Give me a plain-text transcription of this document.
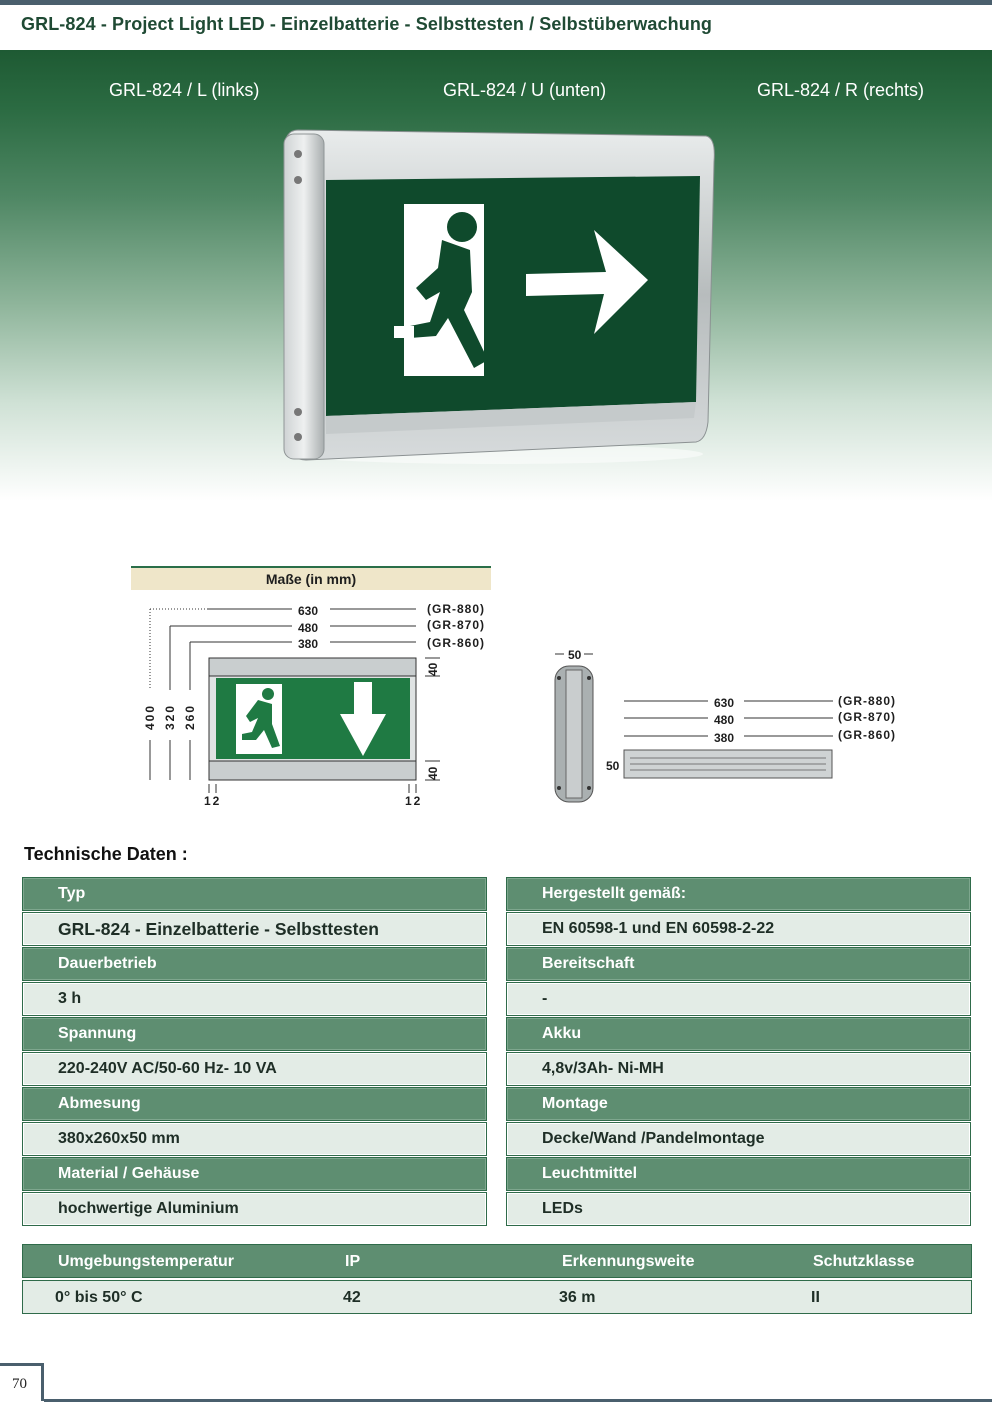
GRL-824 - Project Light LED - Einzelbatterie - Selbsttesten / Selbstüberwachung
GRL-824 / L (links)	GRL-824 / U (unten)	GRL-824 / R (rechts)
Maße (in mm)
630
480
380
(GR-880)
(GR-870)
(GR-860)
400 320 260
40
40
12	12
50
630
480
380
(GR-880)
(GR-870)
(GR-860)
50
Technische Daten :
Typ
GRL-824 - Einzelbatterie - Selbsttesten
Dauerbetrieb
3 h
Spannung
220-240V AC/50-60 Hz- 10 VA
Abmesung
380x260x50 mm
Material / Gehäuse
hochwertige Aluminium
Hergestellt gemäß:
EN 60598-1 und EN 60598-2-22
Bereitschaft
-
Akku
4,8v/3Ah- Ni-MH
Montage
Decke/Wand /Pandelmontage
Leuchtmittel
LEDs
Umgebungstemperatur	IP	Erkennungsweite	Schutzklasse
0° bis 50° C	42	36 m	II
70
